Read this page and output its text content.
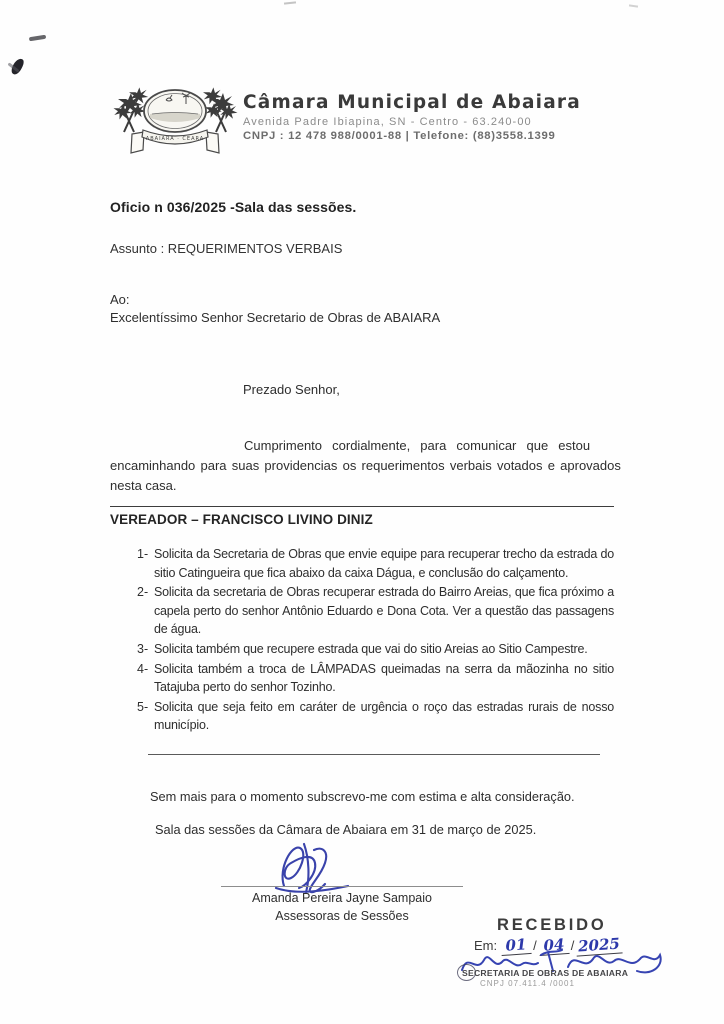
ABAIARA · CEARA
Câmara Municipal de Abaiara
Avenida Padre Ibiapina, SN - Centro - 63.240-00
CNPJ : 12 478 988/0001-88 | Telefone: (88)3558.1399
Oficio n 036/2025 -Sala das sessões.
Assunto : REQUERIMENTOS VERBAIS
Ao:
Excelentíssimo Senhor Secretario de Obras de ABAIARA
Prezado Senhor,
Cumprimento cordialmente, para comunicar que estou
encaminhando para suas providencias os requerimentos verbais votados e aprovados
nesta casa.
VEREADOR – FRANCISCO LIVINO DINIZ
1- Solicita da Secretaria de Obras que envie equipe para recuperar trecho da estrada do sitio Catingueira que fica abaixo da caixa Dágua, e conclusão do calçamento.
2- Solicita da secretaria de Obras recuperar estrada do Bairro Areias, que fica próximo a capela perto do senhor Antônio Eduardo e Dona Cota. Ver a questão das passagens de água.
3- Solicita também que recupere estrada que vai do sitio Areias ao Sitio Campestre.
4- Solicita também a troca de LÂMPADAS queimadas na serra da mãozinha no sitio Tatajuba perto do senhor Tozinho.
5- Solicita que seja feito em caráter de urgência o roço das estradas rurais de nosso município.
Sem mais para o momento subscrevo-me com estima e alta consideração.
Sala das sessões da Câmara de Abaiara em 31 de março de 2025.
Amanda Pereira Jayne Sampaio
Assessoras de Sessões	RECEBIDO
Em: 01 / 04 / 2025
SECRETARIA DE OBRAS DE ABAIARA
CNPJ 07.411.4 /0001
